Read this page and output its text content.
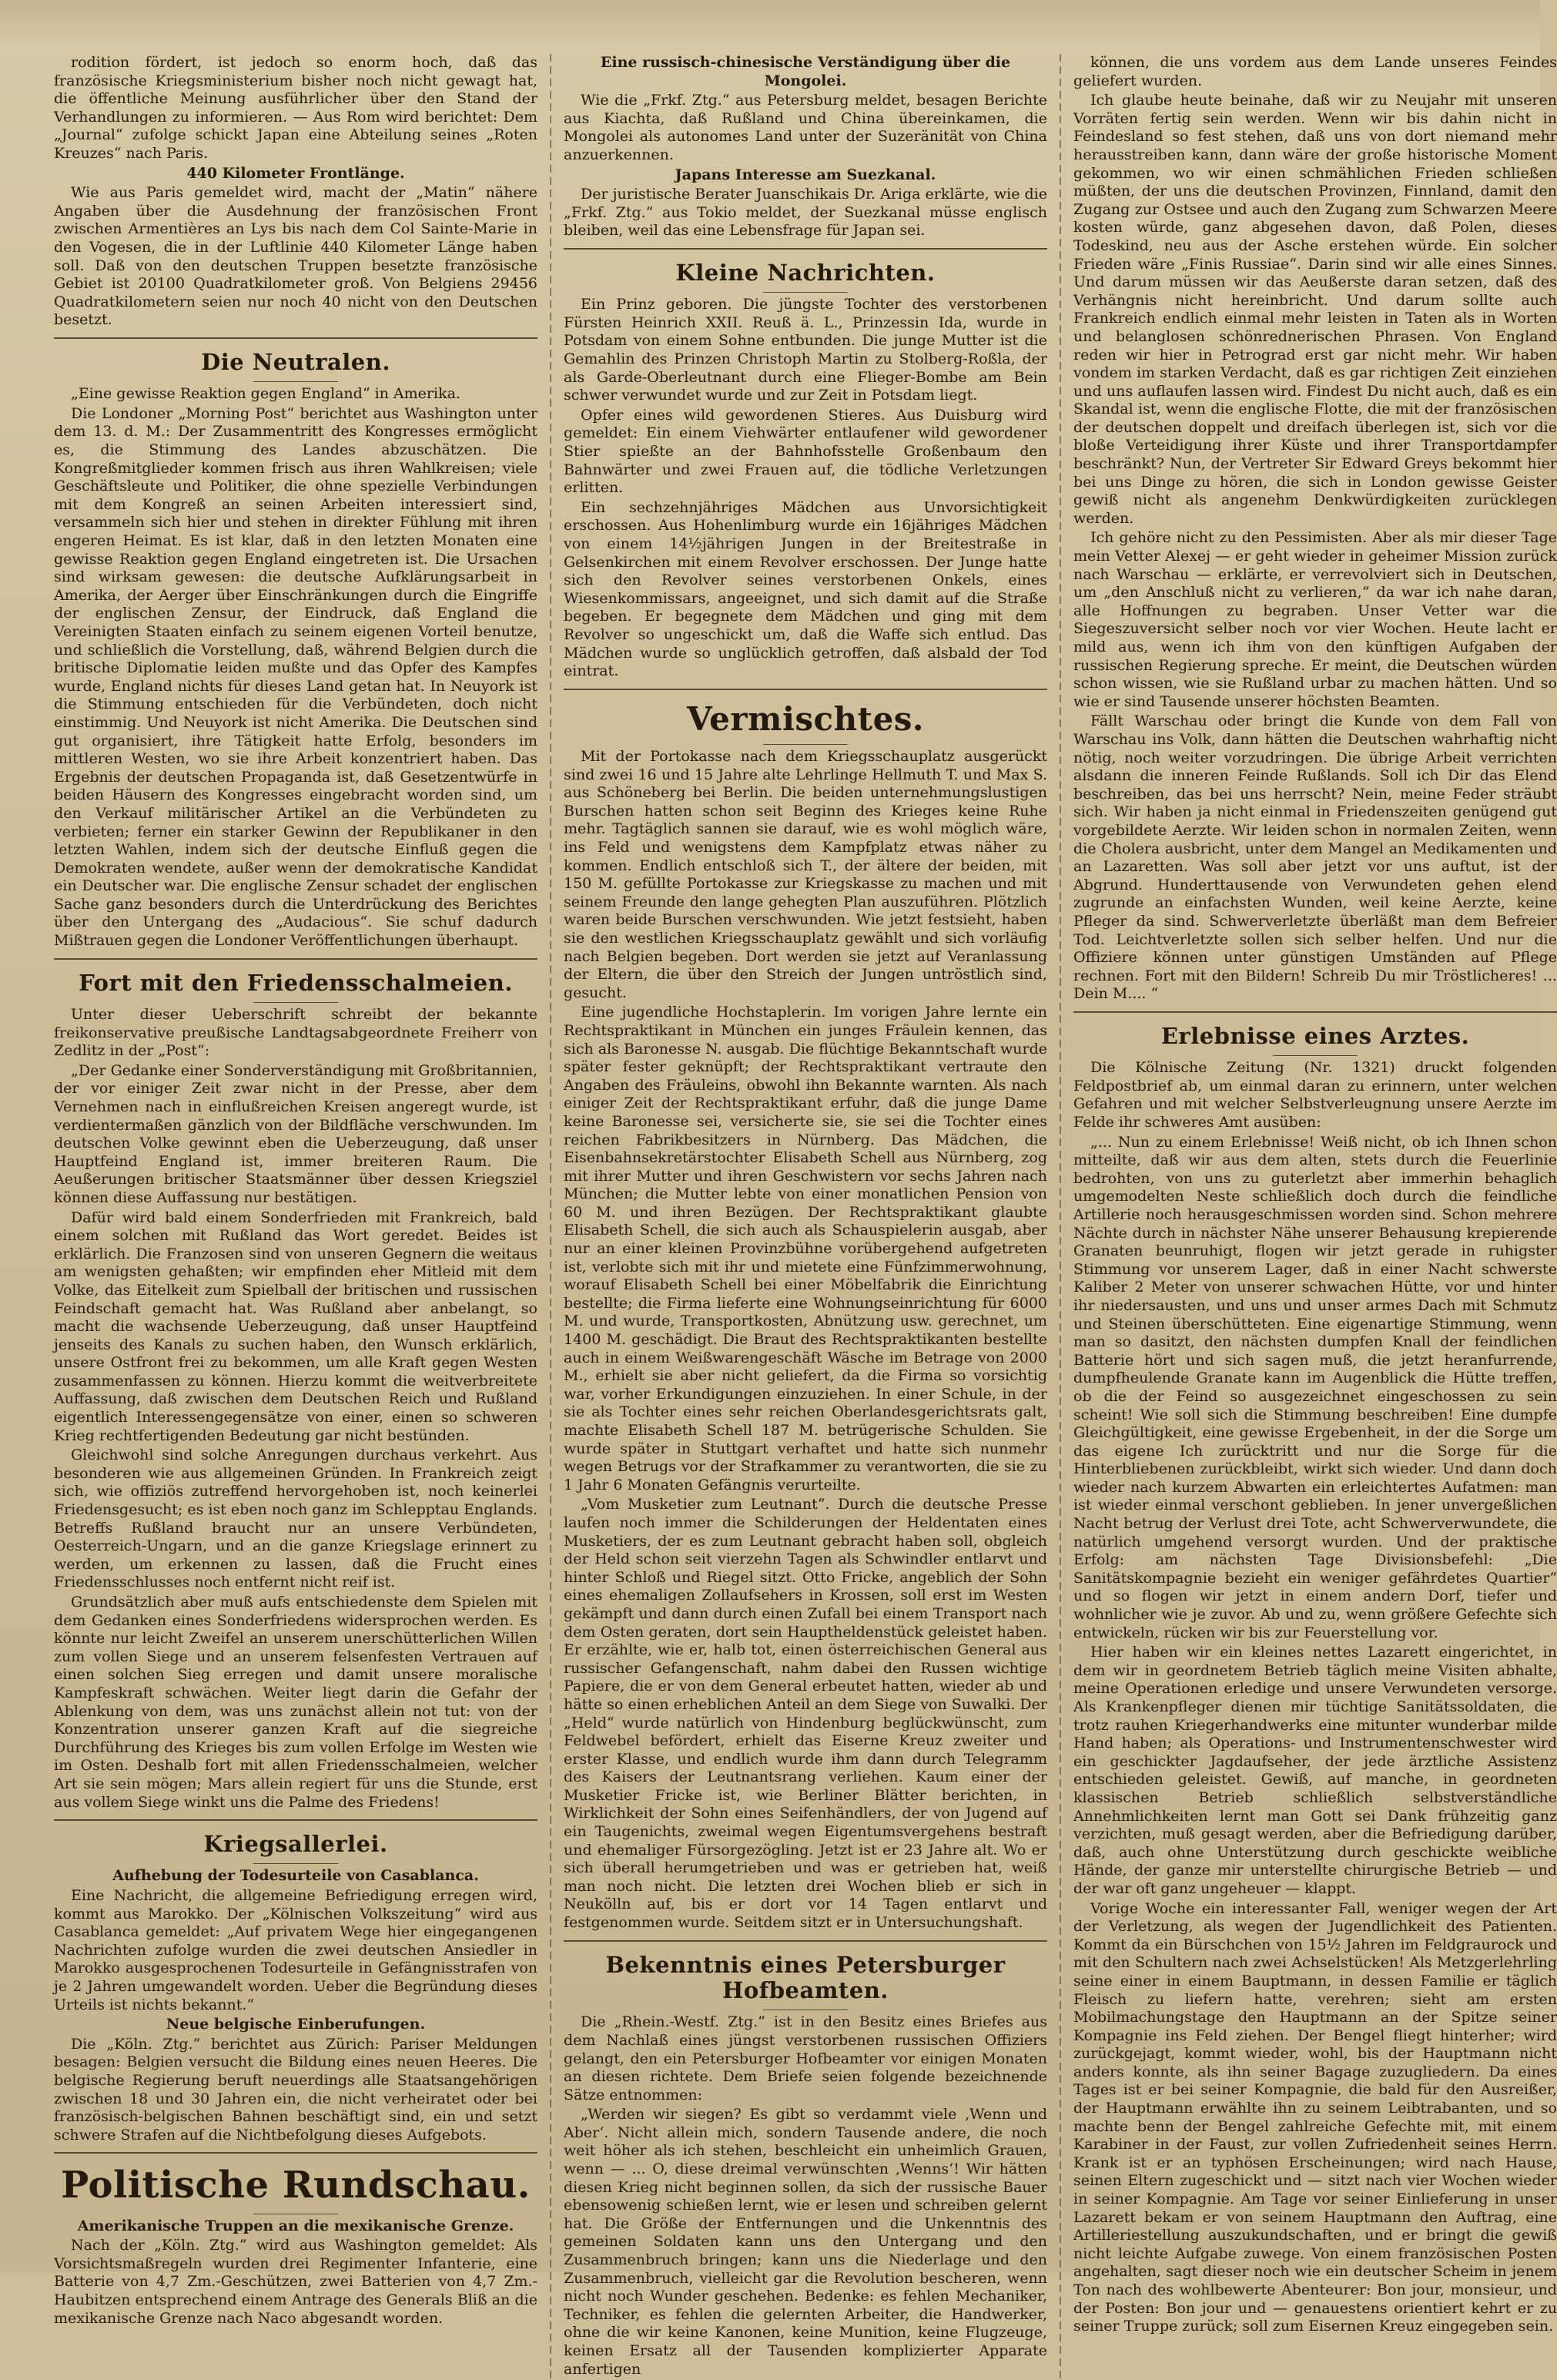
rodition fördert, ist jedoch so enorm hoch, daß das französische Kriegsministerium bisher noch nicht gewagt hat, die öffentliche Meinung ausführlicher über den Stand der Verhandlungen zu informieren. — Aus Rom wird berichtet: Dem „Journal“ zufolge schickt Japan eine Abteilung seines „Roten Kreuzes“ nach Paris.

440 Kilometer Frontlänge.

Wie aus Paris gemeldet wird, macht der „Matin“ nähere Angaben über die Ausdehnung der französischen Front zwischen Armentières an Lys bis nach dem Col Sainte-Marie in den Vogesen, die in der Luftlinie 440 Kilometer Länge haben soll. Daß von den deutschen Truppen besetzte französische Gebiet ist 20100 Quadratkilometer groß. Von Belgiens 29456 Quadratkilometern seien nur noch 40 nicht von den Deutschen besetzt.

Die Neutralen.

„Eine gewisse Reaktion gegen England“ in Amerika.

Die Londoner „Morning Post“ berichtet aus Washington unter dem 13. d. M.: Der Zusammentritt des Kongresses ermöglicht es, die Stimmung des Landes abzuschätzen. Die Kongreßmitglieder kommen frisch aus ihren Wahlkreisen; viele Geschäftsleute und Politiker, die ohne spezielle Verbindungen mit dem Kongreß an seinen Arbeiten interessiert sind, versammeln sich hier und stehen in direkter Fühlung mit ihren engeren Heimat. Es ist klar, daß in den letzten Monaten eine gewisse Reaktion gegen England eingetreten ist. Die Ursachen sind wirksam gewesen: die deutsche Aufklärungsarbeit in Amerika, der Aerger über Einschränkungen durch die Eingriffe der englischen Zensur, der Eindruck, daß England die Vereinigten Staaten einfach zu seinem eigenen Vorteil benutze, und schließlich die Vorstellung, daß, während Belgien durch die britische Diplomatie leiden mußte und das Opfer des Kampfes wurde, England nichts für dieses Land getan hat. In Neuyork ist die Stimmung entschieden für die Verbündeten, doch nicht einstimmig. Und Neuyork ist nicht Amerika. Die Deutschen sind gut organisiert, ihre Tätigkeit hatte Erfolg, besonders im mittleren Westen, wo sie ihre Arbeit konzentriert haben. Das Ergebnis der deutschen Propaganda ist, daß Gesetzentwürfe in beiden Häusern des Kongresses eingebracht worden sind, um den Verkauf militärischer Artikel an die Verbündeten zu verbieten; ferner ein starker Gewinn der Republikaner in den letzten Wahlen, indem sich der deutsche Einfluß gegen die Demokraten wendete, außer wenn der demokratische Kandidat ein Deutscher war. Die englische Zensur schadet der englischen Sache ganz besonders durch die Unterdrückung des Berichtes über den Untergang des „Audacious“. Sie schuf dadurch Mißtrauen gegen die Londoner Veröffentlichungen überhaupt.

Fort mit den Friedensschalmeien.

Unter dieser Ueberschrift schreibt der bekannte freikonservative preußische Landtagsabgeordnete Freiherr von Zedlitz in der „Post“:

„Der Gedanke einer Sonderverständigung mit Großbritannien, der vor einiger Zeit zwar nicht in der Presse, aber dem Vernehmen nach in einflußreichen Kreisen angeregt wurde, ist verdientermaßen gänzlich von der Bildfläche verschwunden. Im deutschen Volke gewinnt eben die Ueberzeugung, daß unser Hauptfeind England ist, immer breiteren Raum. Die Aeußerungen britischer Staatsmänner über dessen Kriegsziel können diese Auffassung nur bestätigen.

Dafür wird bald einem Sonderfrieden mit Frankreich, bald einem solchen mit Rußland das Wort geredet. Beides ist erklärlich. Die Franzosen sind von unseren Gegnern die weitaus am wenigsten gehaßten; wir empfinden eher Mitleid mit dem Volke, das Eitelkeit zum Spielball der britischen und russischen Feindschaft gemacht hat. Was Rußland aber anbelangt, so macht die wachsende Ueberzeugung, daß unser Hauptfeind jenseits des Kanals zu suchen haben, den Wunsch erklärlich, unsere Ostfront frei zu bekommen, um alle Kraft gegen Westen zusammenfassen zu können. Hierzu kommt die weitverbreitete Auffassung, daß zwischen dem Deutschen Reich und Rußland eigentlich Interessengegensätze von einer, einen so schweren Krieg rechtfertigenden Bedeutung gar nicht bestünden.

Gleichwohl sind solche Anregungen durchaus verkehrt. Aus besonderen wie aus allgemeinen Gründen. In Frankreich zeigt sich, wie offiziös zutreffend hervorgehoben ist, noch keinerlei Friedensgesucht; es ist eben noch ganz im Schlepptau Englands. Betreffs Rußland braucht nur an unsere Verbündeten, Oesterreich-Ungarn, und an die ganze Kriegslage erinnert zu werden, um erkennen zu lassen, daß die Frucht eines Friedensschlusses noch entfernt nicht reif ist.

Grundsätzlich aber muß aufs entschiedenste dem Spielen mit dem Gedanken eines Sonderfriedens widersprochen werden. Es könnte nur leicht Zweifel an unserem unerschütterlichen Willen zum vollen Siege und an unserem felsenfesten Vertrauen auf einen solchen Sieg erregen und damit unsere moralische Kampfeskraft schwächen. Weiter liegt darin die Gefahr der Ablenkung von dem, was uns zunächst allein not tut: von der Konzentration unserer ganzen Kraft auf die siegreiche Durchführung des Krieges bis zum vollen Erfolge im Westen wie im Osten. Deshalb fort mit allen Friedensschalmeien, welcher Art sie sein mögen; Mars allein regiert für uns die Stunde, erst aus vollem Siege winkt uns die Palme des Friedens!

Kriegsallerlei.

Aufhebung der Todesurteile von Casablanca.

Eine Nachricht, die allgemeine Befriedigung erregen wird, kommt aus Marokko. Der „Kölnischen Volkszeitung“ wird aus Casablanca gemeldet: „Auf privatem Wege hier eingegangenen Nachrichten zufolge wurden die zwei deutschen Ansiedler in Marokko ausgesprochenen Todesurteile in Gefängnisstrafen von je 2 Jahren umgewandelt worden. Ueber die Begründung dieses Urteils ist nichts bekannt.“

Neue belgische Einberufungen.

Die „Köln. Ztg.“ berichtet aus Zürich: Pariser Meldungen besagen: Belgien versucht die Bildung eines neuen Heeres. Die belgische Regierung beruft neuerdings alle Staatsangehörigen zwischen 18 und 30 Jahren ein, die nicht verheiratet oder bei französisch-belgischen Bahnen beschäftigt sind, ein und setzt schwere Strafen auf die Nichtbefolgung dieses Aufgebots.

Politische Rundschau.

Amerikanische Truppen an die mexikanische Grenze.

Nach der „Köln. Ztg.“ wird aus Washington gemeldet: Als Vorsichtsmaßregeln wurden drei Regimenter Infanterie, eine Batterie von 4,7 Zm.-Geschützen, zwei Batterien von 4,7 Zm.-Haubitzen entsprechend einem Antrage des Generals Bliß an die mexikanische Grenze nach Naco abgesandt worden.

Eine russisch-chinesische Verständigung über die Mongolei.

Wie die „Frkf. Ztg.“ aus Petersburg meldet, besagen Berichte aus Kiachta, daß Rußland und China übereinkamen, die Mongolei als autonomes Land unter der Suzeränität von China anzuerkennen.

Japans Interesse am Suezkanal.

Der juristische Berater Juanschikais Dr. Ariga erklärte, wie die „Frkf. Ztg.“ aus Tokio meldet, der Suezkanal müsse englisch bleiben, weil das eine Lebensfrage für Japan sei.

Kleine Nachrichten.

Ein Prinz geboren. Die jüngste Tochter des verstorbenen Fürsten Heinrich XXII. Reuß ä. L., Prinzessin Ida, wurde in Potsdam von einem Sohne entbunden. Die junge Mutter ist die Gemahlin des Prinzen Christoph Martin zu Stolberg-Roßla, der als Garde-Oberleutnant durch eine Flieger-Bombe am Bein schwer verwundet wurde und zur Zeit in Potsdam liegt.

Opfer eines wild gewordenen Stieres. Aus Duisburg wird gemeldet: Ein einem Viehwärter entlaufener wild gewordener Stier spießte an der Bahnhofsstelle Großenbaum den Bahnwärter und zwei Frauen auf, die tödliche Verletzungen erlitten.

Ein sechzehnjähriges Mädchen aus Unvorsichtigkeit erschossen. Aus Hohenlimburg wurde ein 16jähriges Mädchen von einem 14½jährigen Jungen in der Breitestraße in Gelsenkirchen mit einem Revolver erschossen. Der Junge hatte sich den Revolver seines verstorbenen Onkels, eines Wiesenkommissars, angeeignet, und sich damit auf die Straße begeben. Er begegnete dem Mädchen und ging mit dem Revolver so ungeschickt um, daß die Waffe sich entlud. Das Mädchen wurde so unglücklich getroffen, daß alsbald der Tod eintrat.

Vermischtes.

Mit der Portokasse nach dem Kriegsschauplatz ausgerückt sind zwei 16 und 15 Jahre alte Lehrlinge Hellmuth T. und Max S. aus Schöneberg bei Berlin. Die beiden unternehmungslustigen Burschen hatten schon seit Beginn des Krieges keine Ruhe mehr. Tagtäglich sannen sie darauf, wie es wohl möglich wäre, ins Feld und wenigstens dem Kampfplatz etwas näher zu kommen. Endlich entschloß sich T., der ältere der beiden, mit 150 M. gefüllte Portokasse zur Kriegskasse zu machen und mit seinem Freunde den lange gehegten Plan auszuführen. Plötzlich waren beide Burschen verschwunden. Wie jetzt festsieht, haben sie den westlichen Kriegsschauplatz gewählt und sich vorläufig nach Belgien begeben. Dort werden sie jetzt auf Veranlassung der Eltern, die über den Streich der Jungen untröstlich sind, gesucht.

Eine jugendliche Hochstaplerin. Im vorigen Jahre lernte ein Rechtspraktikant in München ein junges Fräulein kennen, das sich als Baronesse N. ausgab. Die flüchtige Bekanntschaft wurde später fester geknüpft; der Rechtspraktikant vertraute den Angaben des Fräuleins, obwohl ihn Bekannte warnten. Als nach einiger Zeit der Rechtspraktikant erfuhr, daß die junge Dame keine Baronesse sei, versicherte sie, sie sei die Tochter eines reichen Fabrikbesitzers in Nürnberg. Das Mädchen, die Eisenbahnsekretärstochter Elisabeth Schell aus Nürnberg, zog mit ihrer Mutter und ihren Geschwistern vor sechs Jahren nach München; die Mutter lebte von einer monatlichen Pension von 60 M. und ihren Bezügen. Der Rechtspraktikant glaubte Elisabeth Schell, die sich auch als Schauspielerin ausgab, aber nur an einer kleinen Provinzbühne vorübergehend aufgetreten ist, verlobte sich mit ihr und mietete eine Fünfzimmerwohnung, worauf Elisabeth Schell bei einer Möbelfabrik die Einrichtung bestellte; die Firma lieferte eine Wohnungseinrichtung für 6000 M. und wurde, Transportkosten, Abnützung usw. gerechnet, um 1400 M. geschädigt. Die Braut des Rechtspraktikanten bestellte auch in einem Weißwarengeschäft Wäsche im Betrage von 2000 M., erhielt sie aber nicht geliefert, da die Firma so vorsichtig war, vorher Erkundigungen einzuziehen. In einer Schule, in der sie als Tochter eines sehr reichen Oberlandesgerichtsrats galt, machte Elisabeth Schell 187 M. betrügerische Schulden. Sie wurde später in Stuttgart verhaftet und hatte sich nunmehr wegen Betrugs vor der Strafkammer zu verantworten, die sie zu 1 Jahr 6 Monaten Gefängnis verurteilte.

„Vom Musketier zum Leutnant“. Durch die deutsche Presse laufen noch immer die Schilderungen der Heldentaten eines Musketiers, der es zum Leutnant gebracht haben soll, obgleich der Held schon seit vierzehn Tagen als Schwindler entlarvt und hinter Schloß und Riegel sitzt. Otto Fricke, angeblich der Sohn eines ehemaligen Zollaufsehers in Krossen, soll erst im Westen gekämpft und dann durch einen Zufall bei einem Transport nach dem Osten geraten, dort sein Hauptheldenstück geleistet haben. Er erzählte, wie er, halb tot, einen österreichischen General aus russischer Gefangenschaft, nahm dabei den Russen wichtige Papiere, die er von dem General erbeutet hatten, wieder ab und hätte so einen erheblichen Anteil an dem Siege von Suwalki. Der „Held“ wurde natürlich von Hindenburg beglückwünscht, zum Feldwebel befördert, erhielt das Eiserne Kreuz zweiter und erster Klasse, und endlich wurde ihm dann durch Telegramm des Kaisers der Leutnantsrang verliehen. Kaum einer der Musketier Fricke ist, wie Berliner Blätter berichten, in Wirklichkeit der Sohn eines Seifenhändlers, der von Jugend auf ein Taugenichts, zweimal wegen Eigentumsvergehens bestraft und ehemaliger Fürsorgezögling. Jetzt ist er 23 Jahre alt. Wo er sich überall herumgetrieben und was er getrieben hat, weiß man noch nicht. Die letzten drei Wochen blieb er sich in Neukölln auf, bis er dort vor 14 Tagen entlarvt und festgenommen wurde. Seitdem sitzt er in Untersuchungshaft.

Bekenntnis eines Petersburger Hofbeamten.

Die „Rhein.-Westf. Ztg.“ ist in den Besitz eines Briefes aus dem Nachlaß eines jüngst verstorbenen russischen Offiziers gelangt, den ein Petersburger Hofbeamter vor einigen Monaten an diesen richtete. Dem Briefe seien folgende bezeichnende Sätze entnommen:

„Werden wir siegen? Es gibt so verdammt viele ‚Wenn und Aber‘. Nicht allein mich, sondern Tausende andere, die noch weit höher als ich stehen, beschleicht ein unheimlich Grauen, wenn — ... O, diese dreimal verwünschten ‚Wenns‘! Wir hätten diesen Krieg nicht beginnen sollen, da sich der russische Bauer ebensowenig schießen lernt, wie er lesen und schreiben gelernt hat. Die Größe der Entfernungen und die Unkenntnis des gemeinen Soldaten kann uns den Untergang und den Zusammenbruch bringen; kann uns die Niederlage und den Zusammenbruch, vielleicht gar die Revolution bescheren, wenn nicht noch Wunder geschehen. Bedenke: es fehlen Mechaniker, Techniker, es fehlen die gelernten Arbeiter, die Handwerker, ohne die wir keine Kanonen, keine Munition, keine Flugzeuge, keinen Ersatz all der Tausenden komplizierter Apparate anfertigen

können, die uns vordem aus dem Lande unseres Feindes geliefert wurden.

Ich glaube heute beinahe, daß wir zu Neujahr mit unseren Vorräten fertig sein werden. Wenn wir bis dahin nicht in Feindesland so fest stehen, daß uns von dort niemand mehr herausstreiben kann, dann wäre der große historische Moment gekommen, wo wir einen schmählichen Frieden schließen müßten, der uns die deutschen Provinzen, Finnland, damit den Zugang zur Ostsee und auch den Zugang zum Schwarzen Meere kosten würde, ganz abgesehen davon, daß Polen, dieses Todeskind, neu aus der Asche erstehen würde. Ein solcher Frieden wäre „Finis Russiae“. Darin sind wir alle eines Sinnes. Und darum müssen wir das Aeußerste daran setzen, daß des Verhängnis nicht hereinbricht. Und darum sollte auch Frankreich endlich einmal mehr leisten in Taten als in Worten und belanglosen schönrednerischen Phrasen. Von England reden wir hier in Petrograd erst gar nicht mehr. Wir haben vondem im starken Verdacht, daß es gar richtigen Zeit einziehen und uns auflaufen lassen wird. Findest Du nicht auch, daß es ein Skandal ist, wenn die englische Flotte, die mit der französischen der deutschen doppelt und dreifach überlegen ist, sich vor die bloße Verteidigung ihrer Küste und ihrer Transportdampfer beschränkt? Nun, der Vertreter Sir Edward Greys bekommt hier bei uns Dinge zu hören, die sich in London gewisse Geister gewiß nicht als angenehm Denkwürdigkeiten zurücklegen werden.

Ich gehöre nicht zu den Pessimisten. Aber als mir dieser Tage mein Vetter Alexej — er geht wieder in geheimer Mission zurück nach Warschau — erklärte, er verrevolviert sich in Deutschen, um „den Anschluß nicht zu verlieren,“ da war ich nahe daran, alle Hoffnungen zu begraben. Unser Vetter war die Siegeszuversicht selber noch vor vier Wochen. Heute lacht er mild aus, wenn ich ihm von den künftigen Aufgaben der russischen Regierung spreche. Er meint, die Deutschen würden schon wissen, wie sie Rußland urbar zu machen hätten. Und so wie er sind Tausende unserer höchsten Beamten.

Fällt Warschau oder bringt die Kunde von dem Fall von Warschau ins Volk, dann hätten die Deutschen wahrhaftig nicht nötig, noch weiter vorzudringen. Die übrige Arbeit verrichten alsdann die inneren Feinde Rußlands. Soll ich Dir das Elend beschreiben, das bei uns herrscht? Nein, meine Feder sträubt sich. Wir haben ja nicht einmal in Friedenszeiten genügend gut vorgebildete Aerzte. Wir leiden schon in normalen Zeiten, wenn die Cholera ausbricht, unter dem Mangel an Medikamenten und an Lazaretten. Was soll aber jetzt vor uns auftut, ist der Abgrund. Hunderttausende von Verwundeten gehen elend zugrunde an einfachsten Wunden, weil keine Aerzte, keine Pfleger da sind. Schwerverletzte überläßt man dem Befreier Tod. Leichtverletzte sollen sich selber helfen. Und nur die Offiziere können unter günstigen Umständen auf Pflege rechnen. Fort mit den Bildern! Schreib Du mir Tröstlicheres! ... Dein M.... “

Erlebnisse eines Arztes.

Die Kölnische Zeitung (Nr. 1321) druckt folgenden Feldpostbrief ab, um einmal daran zu erinnern, unter welchen Gefahren und mit welcher Selbstverleugnung unsere Aerzte im Felde ihr schweres Amt ausüben:

„... Nun zu einem Erlebnisse! Weiß nicht, ob ich Ihnen schon mitteilte, daß wir aus dem alten, stets durch die Feuerlinie bedrohten, von uns zu guterletzt aber immerhin behaglich umgemodelten Neste schließlich doch durch die feindliche Artillerie noch herausgeschmissen worden sind. Schon mehrere Nächte durch in nächster Nähe unserer Behausung krepierende Granaten beunruhigt, flogen wir jetzt gerade in ruhigster Stimmung vor unserem Lager, daß in einer Nacht schwerste Kaliber 2 Meter von unserer schwachen Hütte, vor und hinter ihr niedersausten, und uns und unser armes Dach mit Schmutz und Steinen überschütteten. Eine eigenartige Stimmung, wenn man so dasitzt, den nächsten dumpfen Knall der feindlichen Batterie hört und sich sagen muß, die jetzt heranfurrende, dumpfheulende Granate kann im Augenblick die Hütte treffen, ob die der Feind so ausgezeichnet eingeschossen zu sein scheint! Wie soll sich die Stimmung beschreiben! Eine dumpfe Gleichgültigkeit, eine gewisse Ergebenheit, in der die Sorge um das eigene Ich zurücktritt und nur die Sorge für die Hinterbliebenen zurückbleibt, wirkt sich wieder. Und dann doch wieder nach kurzem Abwarten ein erleichtertes Aufatmen: man ist wieder einmal verschont geblieben. In jener unvergeßlichen Nacht betrug der Verlust drei Tote, acht Schwerverwundete, die natürlich umgehend versorgt wurden. Und der praktische Erfolg: am nächsten Tage Divisionsbefehl: „Die Sanitätskompagnie bezieht ein weniger gefährdetes Quartier“ und so flogen wir jetzt in einem andern Dorf, tiefer und wohnlicher wie je zuvor. Ab und zu, wenn größere Gefechte sich entwickeln, rücken wir bis zur Feuerstellung vor.

Hier haben wir ein kleines nettes Lazarett eingerichtet, in dem wir in geordnetem Betrieb täglich meine Visiten abhalte, meine Operationen erledige und unsere Verwundeten versorge. Als Krankenpfleger dienen mir tüchtige Sanitätssoldaten, die trotz rauhen Kriegerhandwerks eine mitunter wunderbar milde Hand haben; als Operations- und Instrumentenschwester wird ein geschickter Jagdaufseher, der jede ärztliche Assistenz entschieden geleistet. Gewiß, auf manche, in geordneten klassischen Betrieb schließlich selbstverständliche Annehmlichkeiten lernt man Gott sei Dank frühzeitig ganz verzichten, muß gesagt werden, aber die Befriedigung darüber, daß, auch ohne Unterstützung durch geschickte weibliche Hände, der ganze mir unterstellte chirurgische Betrieb — und der war oft ganz ungeheuer — klappt.

Vorige Woche ein interessanter Fall, weniger wegen der Art der Verletzung, als wegen der Jugendlichkeit des Patienten. Kommt da ein Bürschchen von 15½ Jahren im Feldgraurock und mit den Schultern nach zwei Achselstücken! Als Metzgerlehrling seine einer in einem Bauptmann, in dessen Familie er täglich Fleisch zu liefern hatte, verehren; sieht am ersten Mobilmachungstage den Hauptmann an der Spitze seiner Kompagnie ins Feld ziehen. Der Bengel fliegt hinterher; wird zurückgejagt, kommt wieder, wohl, bis der Hauptmann nicht anders konnte, als ihn seiner Bagage zuzugliedern. Da eines Tages ist er bei seiner Kompagnie, die bald für den Ausreißer, der Hauptmann erwählte ihn zu seinem Leibtrabanten, und so machte benn der Bengel zahlreiche Gefechte mit, mit einem Karabiner in der Faust, zur vollen Zufriedenheit seines Herrn. Krank ist er an typhösen Erscheinungen; wird nach Hause, seinen Eltern zugeschickt und — sitzt nach vier Wochen wieder in seiner Kompagnie. Am Tage vor seiner Einlieferung in unser Lazarett bekam er von seinem Hauptmann den Auftrag, eine Artilleriestellung auszukundschaften, und er bringt die gewiß nicht leichte Aufgabe zuwege. Von einem französischen Posten angehalten, sagt dieser noch wie ein deutscher Scheim in jenem Ton nach des wohlbewerte Abenteurer: Bon jour, monsieur, und der Posten: Bon jour und — genauestens orientiert kehrt er zu seiner Truppe zurück; soll zum Eisernen Kreuz eingegeben sein.
